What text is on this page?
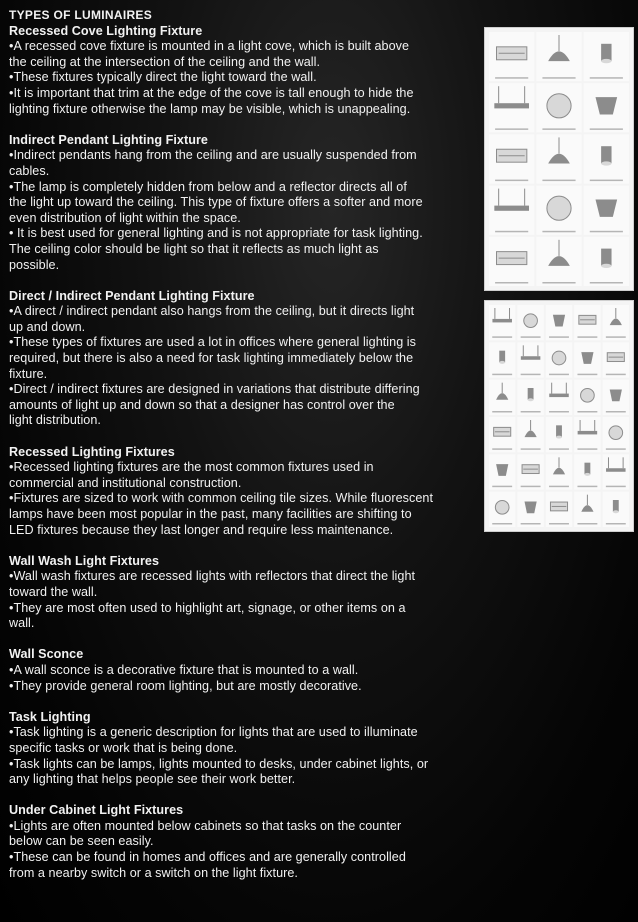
TYPES OF LUMINAIRES
Recessed Cove Lighting Fixture

•A recessed cove fixture is mounted in a light cove, which is built above

the ceiling at the intersection of the ceiling and the wall.

•These fixtures typically direct the light toward the wall.

•It is important that trim at the edge of the cove is tall enough to hide the

lighting fixture otherwise the lamp may be visible, which is unappealing.

Indirect Pendant Lighting Fixture

•Indirect pendants hang from the ceiling and are usually suspended from

cables.

•The lamp is completely hidden from below and a reflector directs all of

the light up toward the ceiling. This type of fixture offers a softer and more

even distribution of light within the space.

• It is best used for general lighting and is not appropriate for task lighting.

The ceiling color should be light so that it reflects as much light as

possible.

Direct / Indirect Pendant Lighting Fixture

•A direct / indirect pendant also hangs from the ceiling, but it directs light

up and down.

•These types of fixtures are used a lot in offices where general lighting is

required, but there is also a need for task lighting immediately below the

fixture.

•Direct / indirect fixtures are designed in variations that distribute differing

amounts of light up and down so that a designer has control over the

light distribution.

Recessed Lighting Fixtures

•Recessed lighting fixtures are the most common fixtures used in

commercial and institutional construction.

•Fixtures are sized to work with common ceiling tile sizes. While fluorescent

lamps have been most popular in the past, many facilities are shifting to

LED fixtures because they last longer and require less maintenance.

Wall Wash Light Fixtures

•Wall wash fixtures are recessed lights with reflectors that direct the light

toward the wall.

•They are most often used to highlight art, signage, or other items on a

wall.

Wall Sconce

•A wall sconce is a decorative fixture that is mounted to a wall.

•They provide general room lighting, but are mostly decorative.

Task Lighting

•Task lighting is a generic description for lights that are used to illuminate

specific tasks or work that is being done.

•Task lights can be lamps, lights mounted to desks, under cabinet lights, or

any lighting that helps people see their work better.

Under Cabinet Light Fixtures

•Lights are often mounted below cabinets so that tasks on the counter

below can be seen easily.

•These can be found in homes and offices and are generally controlled

from a nearby switch or a switch on the light fixture.
